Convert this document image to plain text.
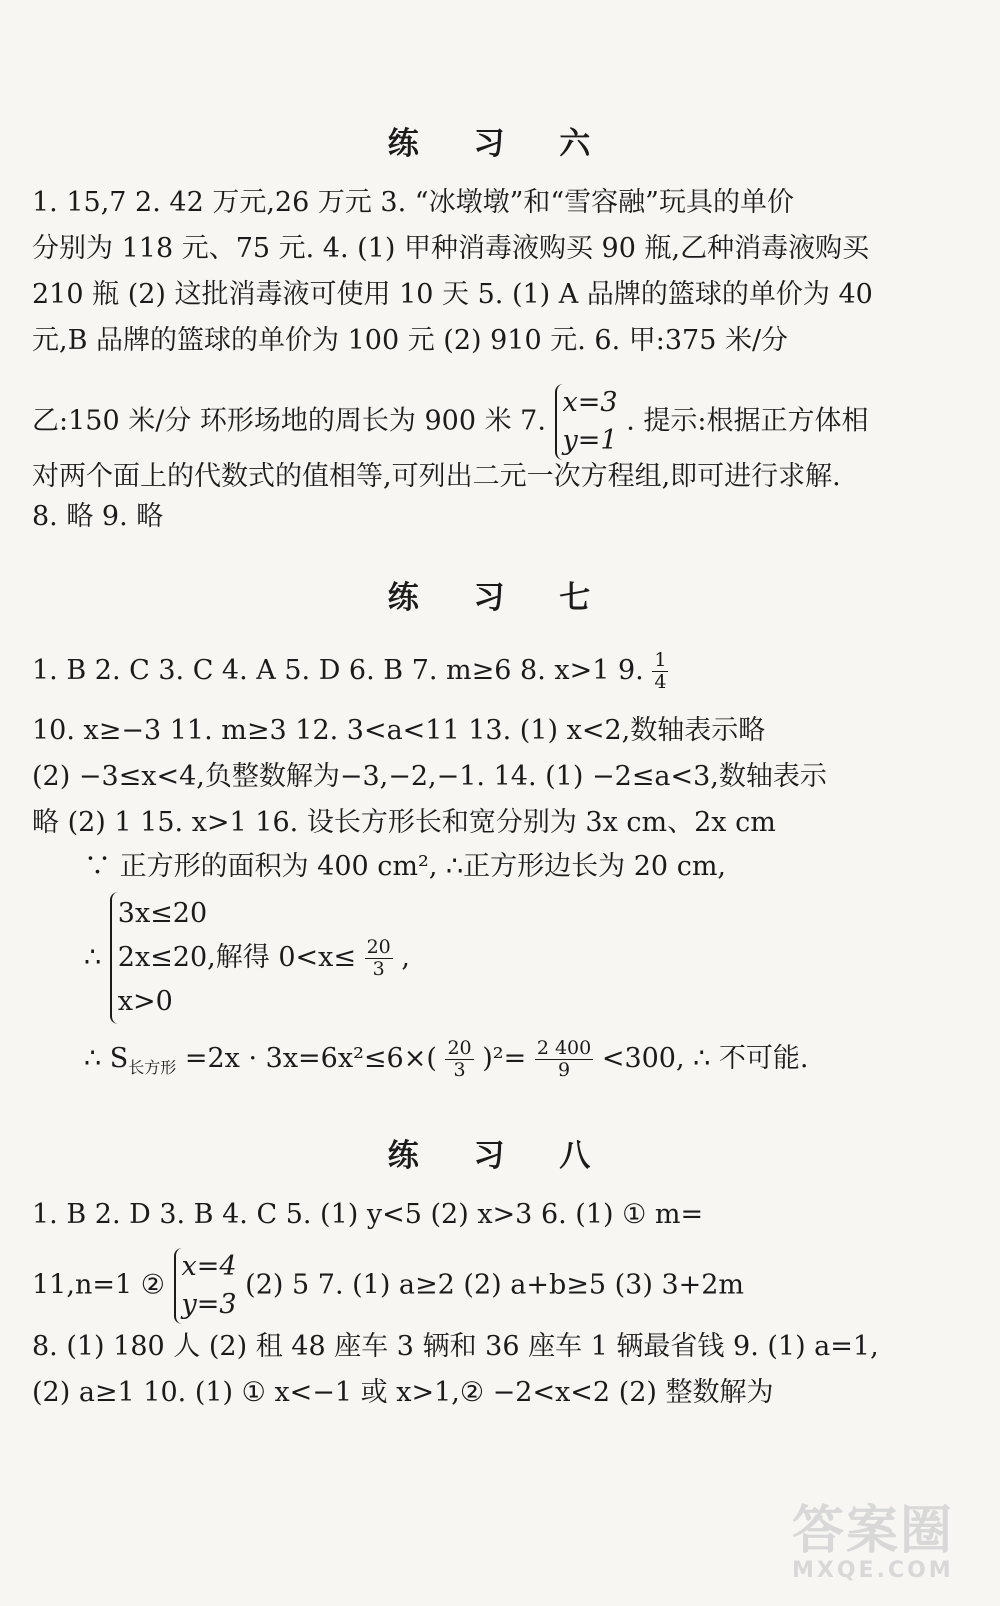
练 习 六
1. 15,7 2. 42 万元,26 万元 3. “冰墩墩”和“雪容融”玩具的单价
分别为 118 元、75 元. 4. (1) 甲种消毒液购买 90 瓶,乙种消毒液购买
210 瓶 (2) 这批消毒液可使用 10 天 5. (1) A 品牌的篮球的单价为 40
元,B 品牌的篮球的单价为 100 元 (2) 910 元. 6. 甲:375 米/分
乙:150 米/分 环形场地的周长为 900 米 7.
x=3
y=1
. 提示:根据正方体相
对两个面上的代数式的值相等,可列出二元一次方程组,即可进行求解.
8. 略 9. 略
练 习 七
1. B 2. C 3. C 4. A 5. D 6. B 7. m≥6 8. x>1 9. $\frac{1}{4}$
10. x≥−3 11. m≥3 12. 3<a<11 13. (1) x<2,数轴表示略
(2) −3≤x<4,负整数解为−3,−2,−1. 14. (1) −2≤a<3,数轴表示
略 (2) 1 15. x>1 16. 设长方形长和宽分别为 3x cm、2x cm
∵ 正方形的面积为 400 cm², ∴正方形边长为 20 cm,
∴
3x≤20
2x≤20,解得 $0<x\le \frac{20}{3}$ ,
x>0
∴ $S_{长方形} =2x \cdot 3x=6x^2\le 6\times( \frac{20}{3} )^2= \frac{2 400}{9} <300$, ∴ 不可能.
练 习 八
1. B 2. D 3. B 4. C 5. (1) y<5 (2) x>3 6. (1) ① m=
11,n=1 ②
x=4
y=3
(2) 5 7. (1) a≥2 (2) a+b≥5 (3) 3+2m
8. (1) 180 人 (2) 租 48 座车 3 辆和 36 座车 1 辆最省钱 9. (1) a=1,
(2) a≥1 10. (1) ① x<−1 或 x>1,② −2<x<2 (2) 整数解为
答案圈
MXQE.COM
